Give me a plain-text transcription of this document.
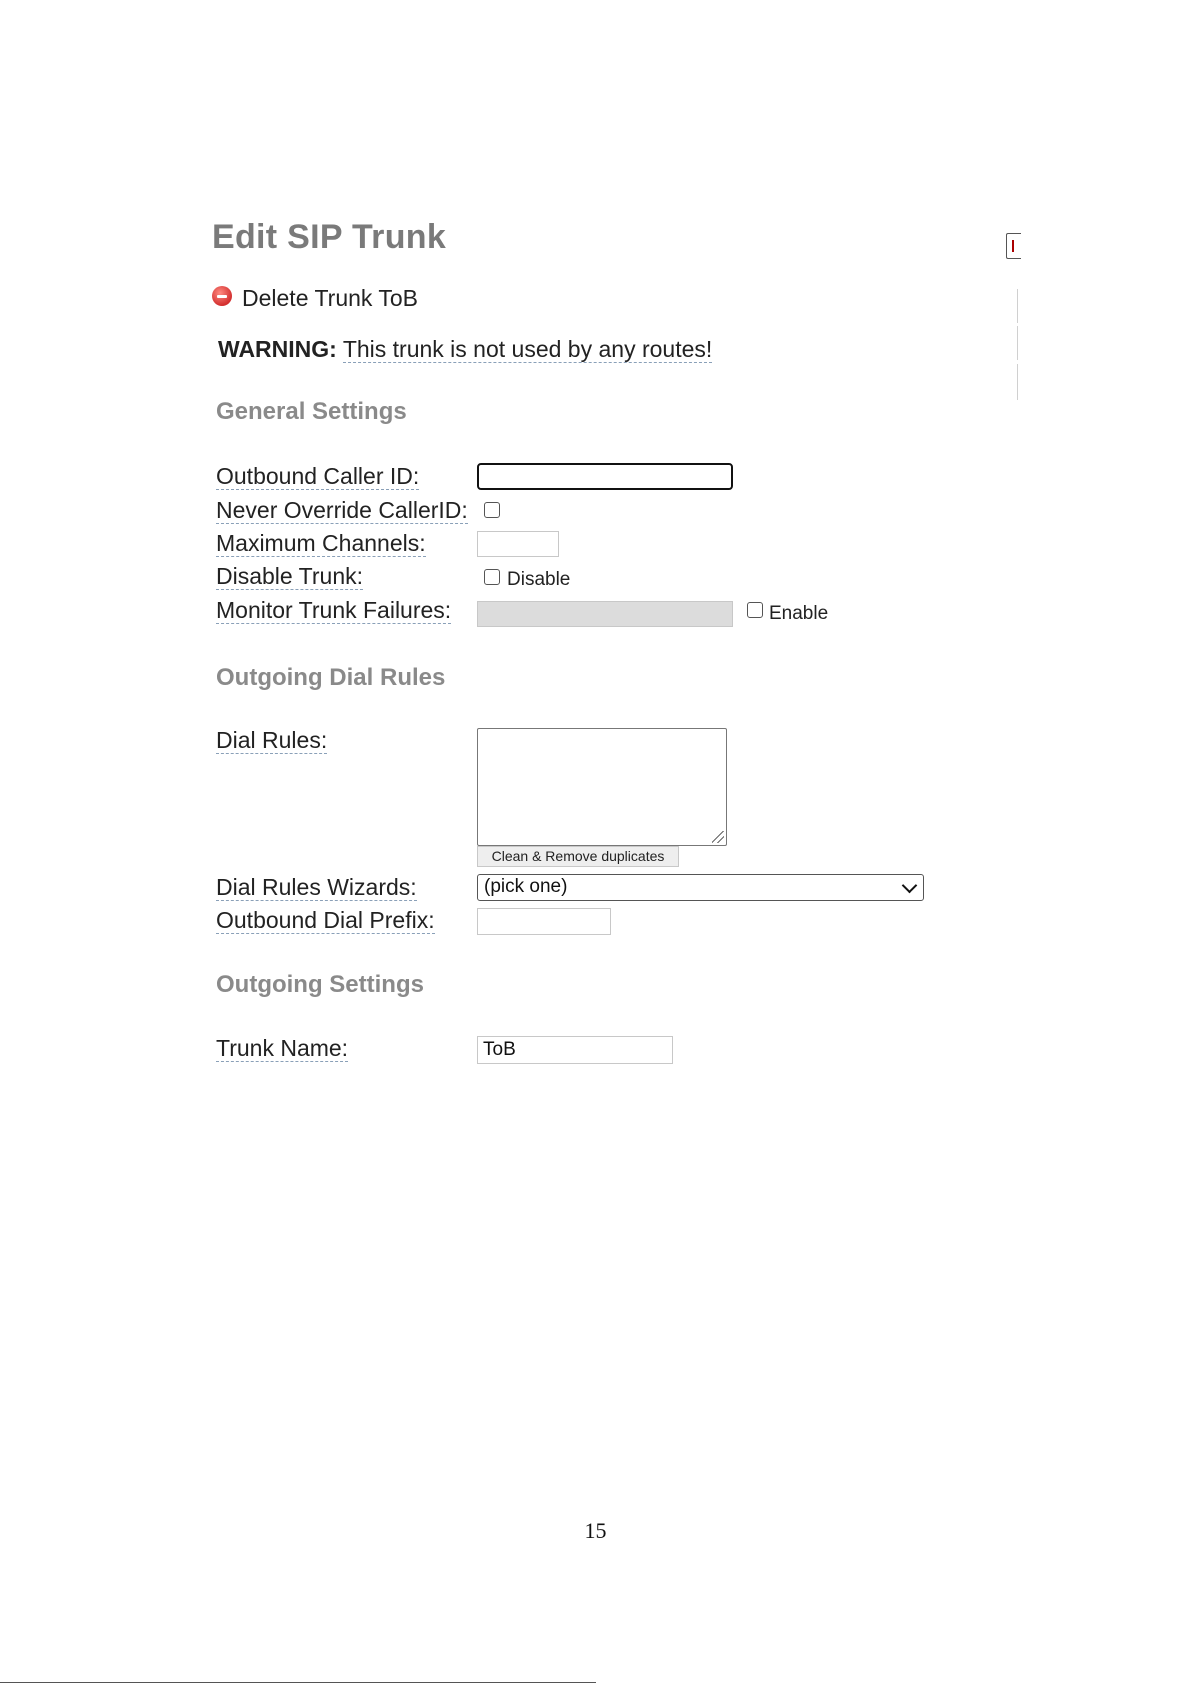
Edit SIP Trunk
Delete Trunk ToB
WARNING: This trunk is not used by any routes!
General Settings
Outbound Caller ID:
Never Override CallerID:
Maximum Channels:
Disable Trunk:	Disable
Monitor Trunk Failures:	Enable
Outgoing Dial Rules
Dial Rules:
Clean & Remove duplicates
Dial Rules Wizards:	(pick one)
Outbound Dial Prefix:
Outgoing Settings
Trunk Name:
ToB
15
